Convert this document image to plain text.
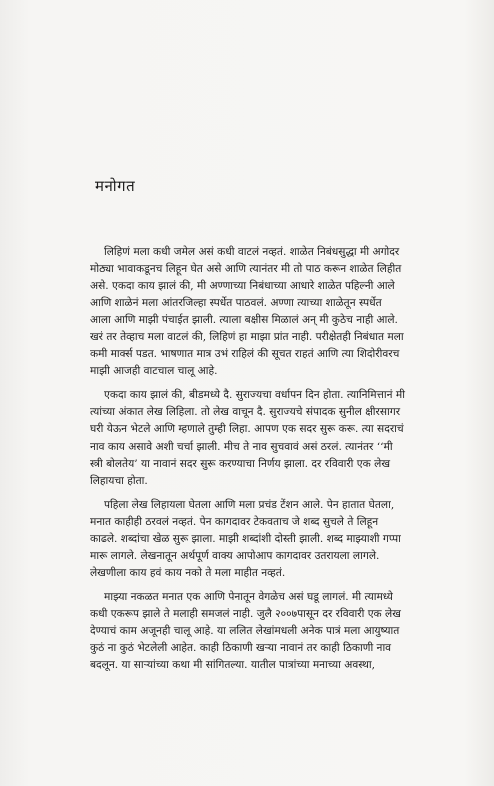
मनोगत
लिहिणं मला कधी जमेल असं कधी वाटलं नव्हतं. शाळेत निबंधसुद्धा मी अगोदर
मोठ्या भावाकडूनच लिहून घेत असे आणि त्यानंतर मी तो पाठ करून शाळेत लिहीत
असे. एकदा काय झालं की, मी अण्णाच्या निबंधाच्या आधारे शाळेत पहिल्नी आले
आणि शाळेनं मला आंतरजिल्हा स्पर्धेत पाठवलं. अण्णा त्याच्या शाळेतून स्पर्धेत
आला आणि माझी पंचाईत झाली. त्याला बक्षीस मिळालं अन् मी कुठेच नाही आले.
खरं तर तेव्हाच मला वाटलं की, लिहिणं हा माझा प्रांत नाही. परीक्षेतही निबंधात मला
कमी मार्क्स पडत. भाषणात मात्र उभं राहिलं की सूचत राहतं आणि त्या शिदोरीवरच
माझी आजही वाटचाल चालू आहे.
एकदा काय झालं की, बीडमध्ये दै. सुराज्यचा वर्धापन दिन होता. त्यानिमित्तानं मी
त्यांच्या अंकात लेख लिहिला. तो लेख वाचून दै. सुराज्यचे संपादक सुनील क्षीरसागर
घरी येऊन भेटले आणि म्हणाले तुम्ही लिहा. आपण एक सदर सुरू करू. त्या सदराचं
नाव काय असावे अशी चर्चा झाली. मीच ते नाव सुचवावं असं ठरलं. त्यानंतर ‘‘मी
स्त्री बोलतेय’ या नावानं सदर सुरू करण्याचा निर्णय झाला. दर रविवारी एक लेख
लिहायचा होता.
पहिला लेख लिहायला घेतला आणि मला प्रचंड टेंशन आले. पेन हातात घेतला,
मनात काहीही ठरवलं नव्हतं. पेन कागदावर टेकवताच जे शब्द सुचले ते लिहून
काढले. शब्दांचा खेळ सुरू झाला. माझी शब्दांशी दोस्ती झाली. शब्द माझ्याशी गप्पा
मारू लागले. लेखनातून अर्थपूर्ण वाक्य आपोआप कागदावर उतरायला लागले.
लेखणीला काय हवं काय नको ते मला माहीत नव्हतं.
माझ्या नकळत मनात एक आणि पेनातून वेगळेच असं घडू लागलं. मी त्यामध्ये
कधी एकरूप झाले ते मलाही समजलं नाही. जुलै २००७पासून दर रविवारी एक लेख
देण्याचं काम अजूनही चालू आहे. या ललित लेखांमधली अनेक पात्रं मला आयुष्यात
कुठं ना कुठं भेटलेली आहेत. काही ठिकाणी खऱ्या नावानं तर काही ठिकाणी नाव
बदलून. या साऱ्यांच्या कथा मी सांगितल्या. यातील पात्रांच्या मनाच्या अवस्था,
